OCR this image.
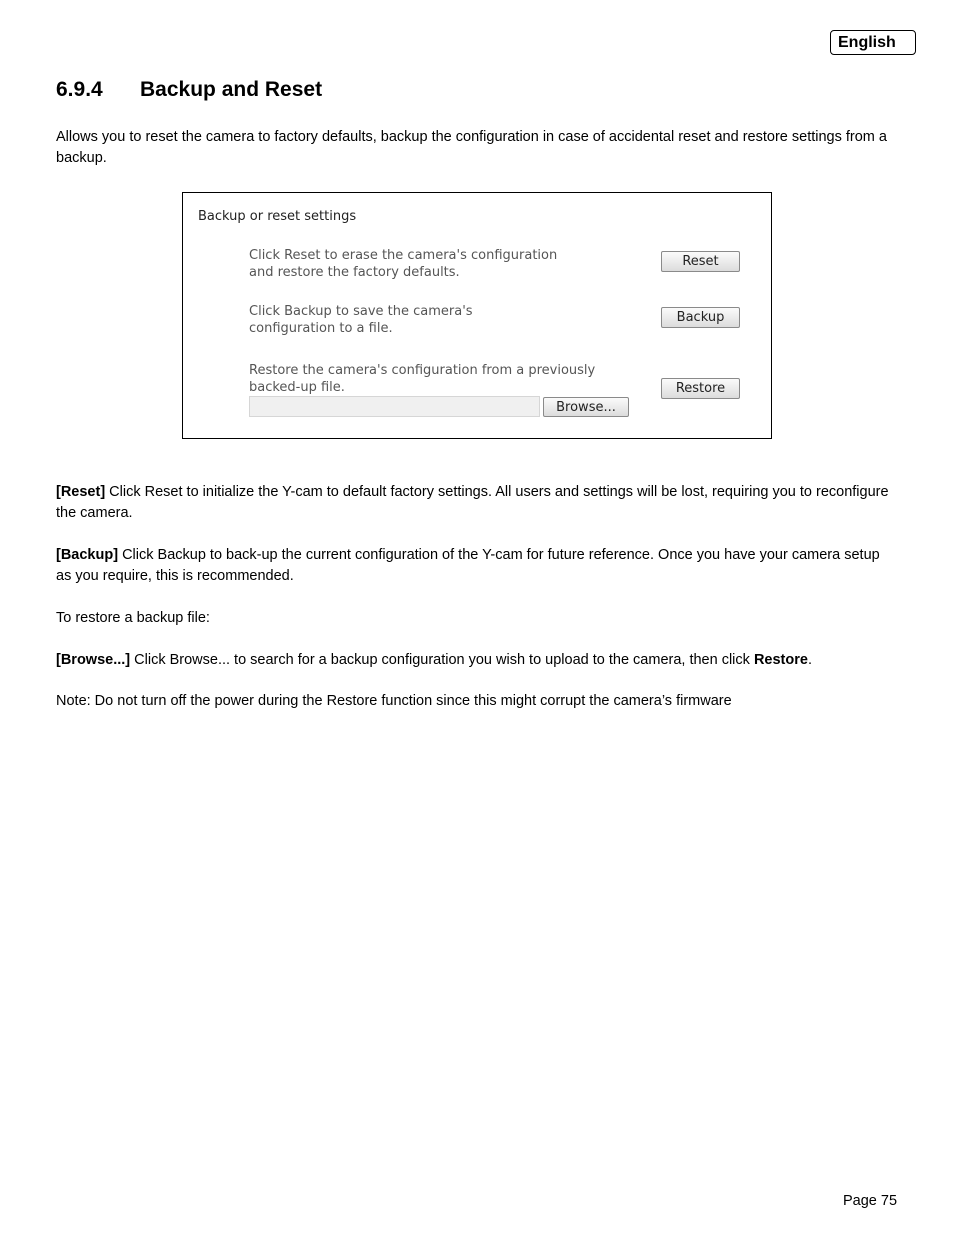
English
6.9.4 Backup and Reset
Allows you to reset the camera to factory defaults, backup the configuration in case of accidental reset and restore settings from a backup.
Backup or reset settings
Click Reset to erase the camera's configuration
and restore the factory defaults.
Reset
Click Backup to save the camera's
configuration to a file.
Backup
Restore the camera's configuration from a previously
backed-up file.
Browse...
Restore
[Reset] Click Reset to initialize the Y-cam to default factory settings. All users and settings will be lost, requiring you to reconfigure the camera.
[Backup] Click Backup to back-up the current configuration of the Y-cam for future reference. Once you have your camera setup as you require, this is recommended.
To restore a backup file:
[Browse...] Click Browse... to search for a backup configuration you wish to upload to the camera, then click Restore.
Note: Do not turn off the power during the Restore function since this might corrupt the camera’s firmware
Page 75
